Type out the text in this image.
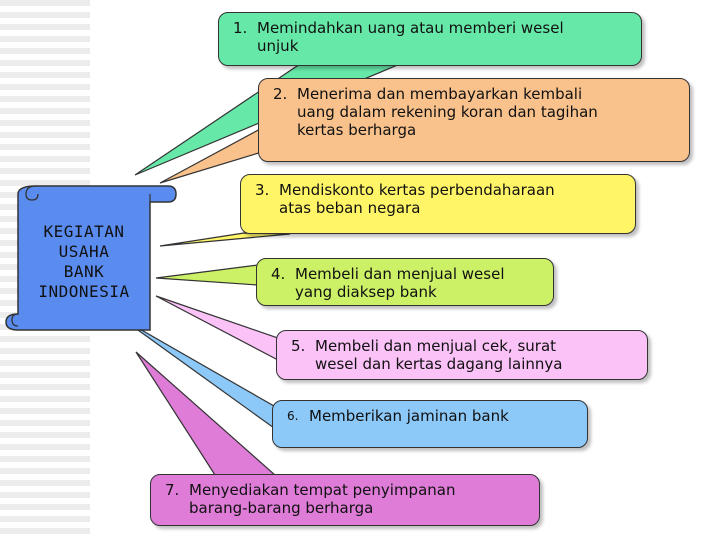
KEGIATAN
USAHA
BANK
INDONESIA
1. Memindahkan uang atau memberi wesel
unjuk
2. Menerima dan membayarkan kembali
uang dalam rekening koran dan tagihan
kertas berharga
3. Mendiskonto kertas perbendaharaan
atas beban negara
4. Membeli dan menjual wesel
yang diaksep bank
5. Membeli dan menjual cek, surat
wesel dan kertas dagang lainnya
6. Memberikan jaminan bank
7. Menyediakan tempat penyimpanan
barang-barang berharga
